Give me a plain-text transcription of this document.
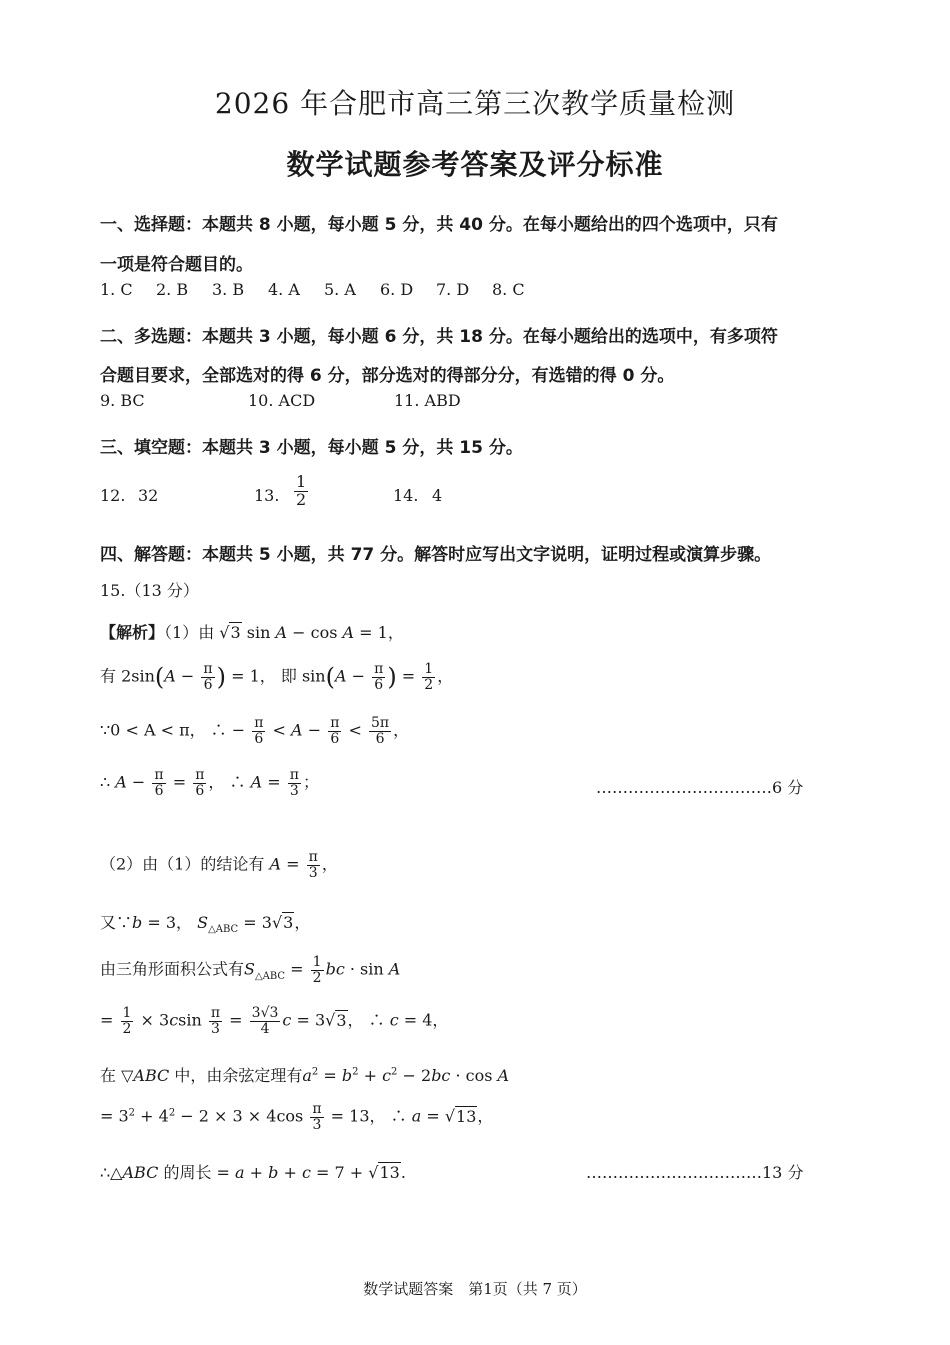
2026 年合肥市高三第三次教学质量检测
数学试题参考答案及评分标准
一、选择题：本题共 8 小题，每小题 5 分，共 40 分。在每小题给出的四个选项中，只有
一项是符合题目的。
1. C 2. B 3. B 4. A 5. A 6. D 7. D 8. C
二、多选题：本题共 3 小题，每小题 6 分，共 18 分。在每小题给出的选项中，有多项符
合题目要求，全部选对的得 6 分，部分选对的得部分分，有选错的得 0 分。
9. BC	10. ACD	11. ABD
三、填空题：本题共 3 小题，每小题 5 分，共 15 分。
12. 32	13. $\frac{1}{2}$	14. 4
四、解答题：本题共 5 小题，共 77 分。解答时应写出文字说明，证明过程或演算步骤。
15.（13 分）
【解析】（1）由 √3 sin A − cos A = 1，
有 $2\sin(A - \frac{\pi}{6}$ ) = 1， 即 $\sin(A - \frac{\pi}{6}$ ) = $\frac{1}{2}$ ，
∵0 < A < π， ∴ − $\frac{\pi}{6} < A - \frac{\pi}{6} < \frac{5\pi}{6}$ ，
∴ $A - \frac{\pi}{6} = \frac{\pi}{6}$ ， ∴ $A = \frac{\pi}{3}$ ；	……………………………6 分
（2）由（1）的结论有 $A = \frac{\pi}{3}$ ，
又∵b = 3， $S_{\triangle ABC} = 3√3$，
由三角形面积公式有$S_{\triangle ABC} = \frac{1}{2}$ bc · sin A
= $\frac{1}{2} \times 3csin \frac{\pi}{3} = \frac{3√3}{4}$ c = 3√3， ∴ c = 4，
在 ▽ABC 中，由余弦定理有$a^2 = b^2 + c^2 - 2bc \cdot \cos A$
= $3^2 + 4^2 - 2 \times 3 \times 4\cos \frac{\pi}{3} = 13$， ∴ a = √13，
∴△ABC 的周长 = a + b + c = 7 + √13.	……………………………13 分
数学试题答案　第1页（共 7 页）
